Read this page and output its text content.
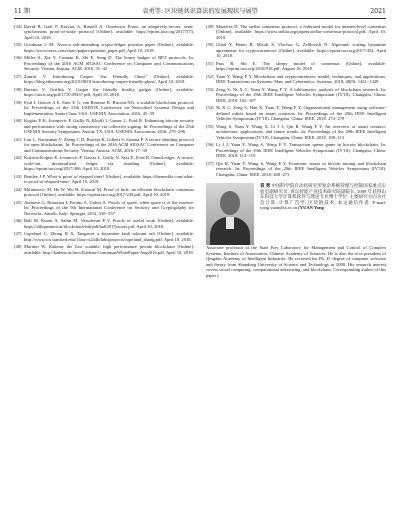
11 期	袁勇等: 区块链共识算法的发展现状与展望	2021
[34] David B, Gaži P, Kiayias A, Russell A. Ouroboros Praos: an adaptively-secure, semi-synchronous proof-of-stake protocol [Online], available: https://eprint.iacr.org/2017/573, April 10, 2018.
[35] Goodman L M. Tezos-a self-amending crypto-ledger position paper [Online], available: https://www.tezos.com/static/papers/position_paper.pdf, April 10, 2018.
[36] Miller A, Xia Y, Croman K, Shi E, Song D. The honey badger of BFT protocols. In: Proceedings of the 2016 ACM SIGSAC Conference on Computer and Communications Security. Vienna, Austria: ACM, 2016. 31−42
[37] Zamfir V. Introducing Casper “the Friendly Ghost” [Online], available: https://blog.ethereum.org/2015/08/01/introducing-casper-friendly-ghost/, April 10, 2018.
[38] Buterin V, Griffith V. Casper the friendly finality gadget [Online], available: https://arxiv.org/pdf/1710.09437.pdf, April 10, 2018.
[39] Eyal I, Gencer A E, Sirer E G, van Renesse R. Bitcoin-NG: a scalable blockchain protocol. In: Proceedings of the 13th USENIX Conference on Networked Systems Design and Implementation. Santa Clara, USA: USENIX Association, 2016. 45−59
[40] Kogias E K, Jovanovic P, Gailly N, Khoffi I, Gasser L, Ford B. Enhancing bitcoin security and performance with strong consistency via collective signing. In: Proceedings of the 25th USENIX Security Symposium. Austin, TX, USA: USENIX Association, 2016. 279−296
[41] Luu L, Narayanan V, Zheng C D, Baweja K, Gilbert S, Saxena P. A secure sharding protocol for open blockchains. In: Proceedings of the 2016 ACM SIGSAC Conference on Computer and Communications Security. Vienna, Austria: ACM, 2016. 17−30
[42] Kokoris-Kogias E, Jovanovic P, Gasser L, Gailly N, Syta E, Ford B. OmniLedger: A secure, scale-out, decentralized ledger via sharding [Online], available: https://eprint.iacr.org/2017/406, April 10, 2018.
[43] Bentley J P. What is proof of elapsed time? [Online], available: https://themerkle.com/what-is-proof-of-elapsed-time/, April 10, 2018.
[44] Milutinovic M, He W, Wu H, Kanwal M. Proof of luck: an efficient blockchain consensus protocol [Online], available: https://eprint.iacr.org/2017/249.pdf, April 10, 2018.
[45] Ateniese G, Bonacina I, Faonio A, Galesi A. Proofs of space: when space is of the essence. In: Proceedings of the 9th International Conference on Security and Cryptography for Networks. Amalfi, Italy: Springer, 2014. 538−557
[46] Ball M, Rosen A, Sabin M, Vasudevan P V. Proofs of useful work [Online], available: https://alliqueantor.at/blockchain-bib/pdf/ball2017proofs.pdf, April 10, 2018.
[47] Copeland C, Zhong H X. Tangaroa: a byzantine fault tolerant raft [Online], available: http://www.scs.stanford.edu/14au-cs244b/labs/projects/copeland_zhong.pdf, April 10, 2018.
[48] Martino W, Kadena: the first scalable, high performance private blockchain [Online], available: http://kadena.io/docs/Kadena-ConsensusWhitePaper-Aug2016.pdf, April 10, 2018.
[49] Mazières D. The stellar consensus protocol: a federated model for internet-level consensus [Online], available: https://www.stellar.org/papers/stellar-consensus-protocol.pdf, April 10, 2018.
[50] Gilad Y, Hemo R, Micali S, Vlachos G, Zeldovich N. Algorand: scaling byzantine agreements for cryptocurrencies [Online], available: https://eprint.iacr.org/2017/454, April 10, 2018.
[51] Pass R, Shi E. The sleepy model of consensus [Online], available: https://eprint.iacr.org/2016/918.pdf, August 16, 2018.
[52] Yuan Y, Wang F Y. Blockchain and cryptocurrencies: model, techniques, and applications. IEEE Transactions on Systems, Man, and Cybernetics: Systems, 2018, 48(9): 1421−1428
[53] Zeng S, Ni X C, Yuan Y, Wang F Y. A bibliometric analysis of blockchain research. In: Proceedings of the 29th IEEE Intelligent Vehicles Symposium (IV'18). Changshu, China: IEEE, 2018. 102−107
[54] Ni X C, Zeng S, Han X, Yuan Y, Wang F Y. Organizational management using software-defined robots based on smart contracts. In: Proceedings of the 29th IEEE Intelligent Vehicles Symposium (IV'18). Changshu, China: IEEE, 2018. 274−279
[55] Wang S, Yuan Y, Wang X, Li J J, Qin R, Wang F Y. An overview of smart contract: architecture, applications, and future trends. In: Proceedings of the 29th IEEE Intelligent Vehicles Symposium (IV'18). Changshu, China: IEEE, 2018. 108−113
[56] Li J J, Yuan Y, Wang S, Wang F Y. Transaction queue game in bitcoin blockchain. In: Proceedings of the 29th IEEE Intelligent Vehicles Symposium (IV'18). Changshu, China: IEEE, 2018. 114−119
[57] Qin R, Yuan Y, Wang S, Wang F Y. Economic issues in bitcoin mining and blockchain research. In: Proceedings of the 29th IEEE Intelligent Vehicles Symposium (IV'18). Changshu, China: IEEE, 2018. 268−273
袁 勇 中国科学院自动化研究所复杂系统管理与控制国家重点实验室副研究员, 青岛智能产业技术研究院副院长. 2008 年获得山东科技大学计算机软件与理论专业博士学位. 主要研究方向为社会计算, 计算广告学, 区块链技术. 本文通信作者. E-mail: yong.yuan@ia.ac.cn (YUAN Yong
Associate professor at the State Key Laboratory for Management and Control of Complex Systems, Institute of Automation, Chinese Academy of Sciences. He is also the vice president of Qingdao Academy of Intelligent Industries. He received his Ph. D. degree of computer software and theory from Shandong University of Science and Technology in 2008. His research interest covers social computing, computational advertising, and blockchain. Corresponding author of this paper.)
